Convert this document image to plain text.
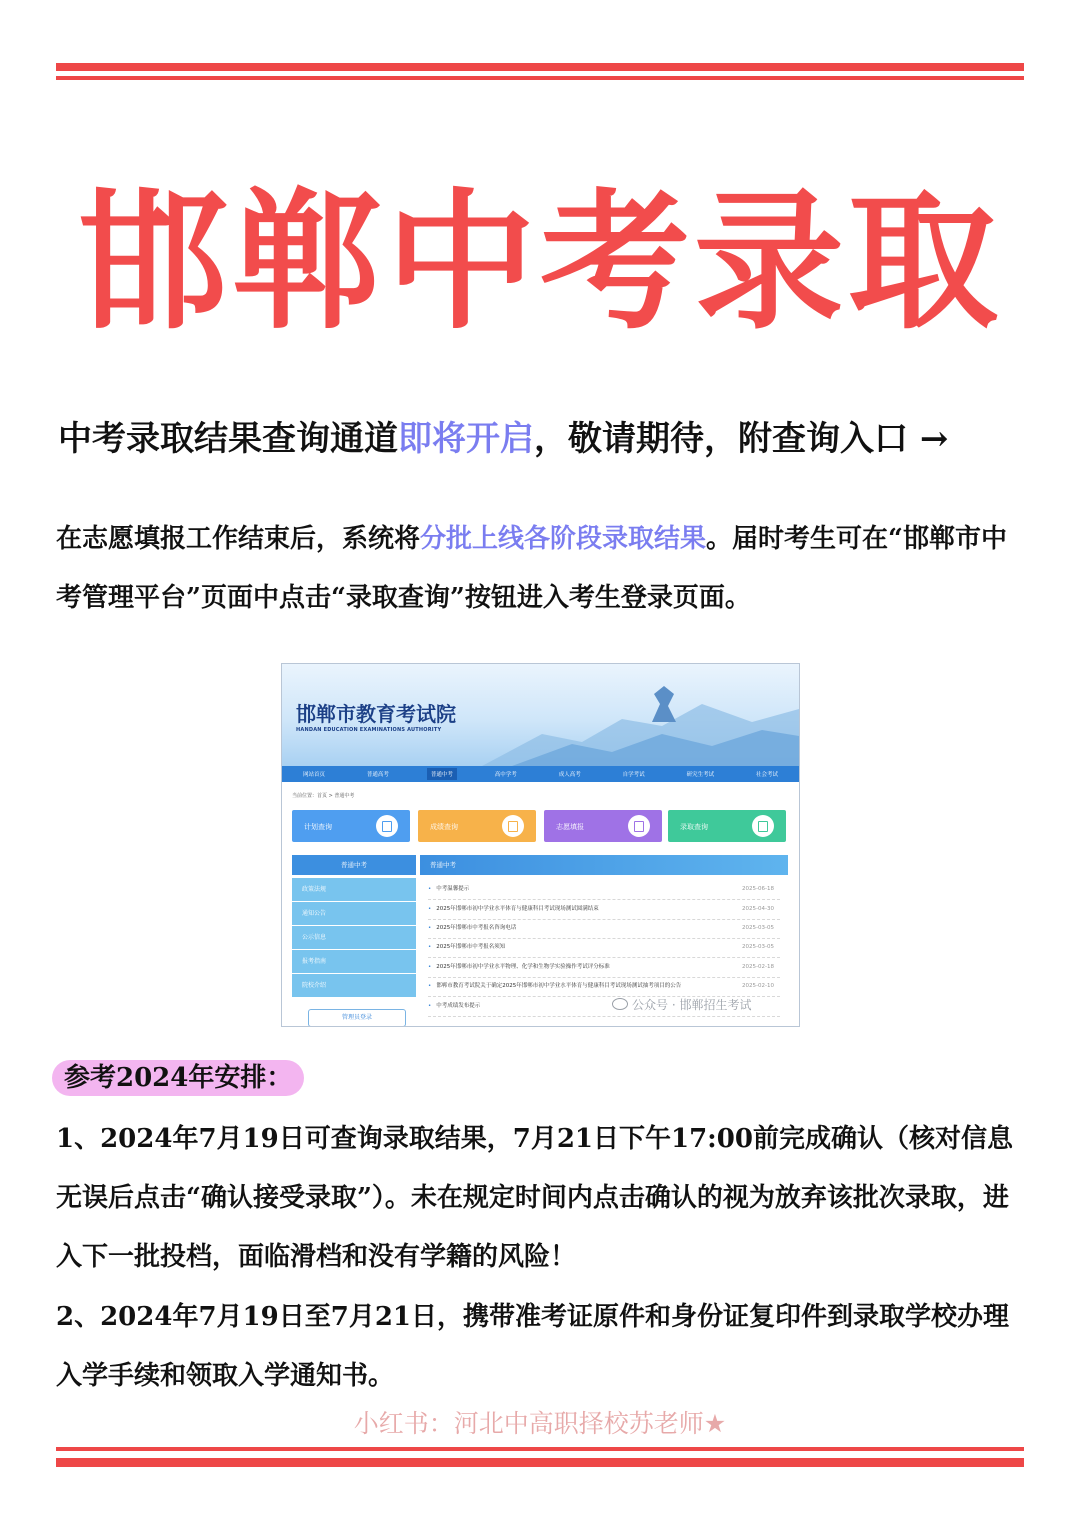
邯郸中考录取
中考录取结果查询通道即将开启，敬请期待，附查询入口 →
在志愿填报工作结束后，系统将分批上线各阶段录取结果。届时考生可在“邯郸市中考管理平台”页面中点击“录取查询”按钮进入考生登录页面。
邯郸市教育考试院
HANDAN EDUCATION EXAMINATIONS AUTHORITY
网站首页	普通高考	普通中考	高中学考	成人高考	自学考试	研究生考试	社会考试
当前位置：首页 > 普通中考
计划查询	成绩查询	志愿填报	录取查询
普通中考
政策法规
通知公告
公示信息
报考指南
院校介绍
管理员登录
普通中考
• 中考温馨提示	2025-06-18
• 2025年邯郸市初中学业水平体育与健康科目考试现场测试圆满结束	2025-04-30
• 2025年邯郸市中考报名咨询电话	2025-03-05
• 2025年邯郸市中考报名须知	2025-03-05
• 2025年邯郸市初中学业水平物理、化学和生物学实验操作考试评分标准	2025-02-18
• 邯郸市教育考试院关于确定2025年邯郸市初中学业水平体育与健康科目考试现场测试抽考项目的公告	2025-02-10
• 中考成绩发布提示	公众号 · 邯郸招生考试
参考2024年安排：
1、2024年7月19日可查询录取结果，7月21日下午17:00前完成确认（核对信息无误后点击“确认接受录取”）。未在规定时间内点击确认的视为放弃该批次录取，进入下一批投档，面临滑档和没有学籍的风险！
2、2024年7月19日至7月21日，携带准考证原件和身份证复印件到录取学校办理入学手续和领取入学通知书。
小红书：河北中高职择校苏老师★
